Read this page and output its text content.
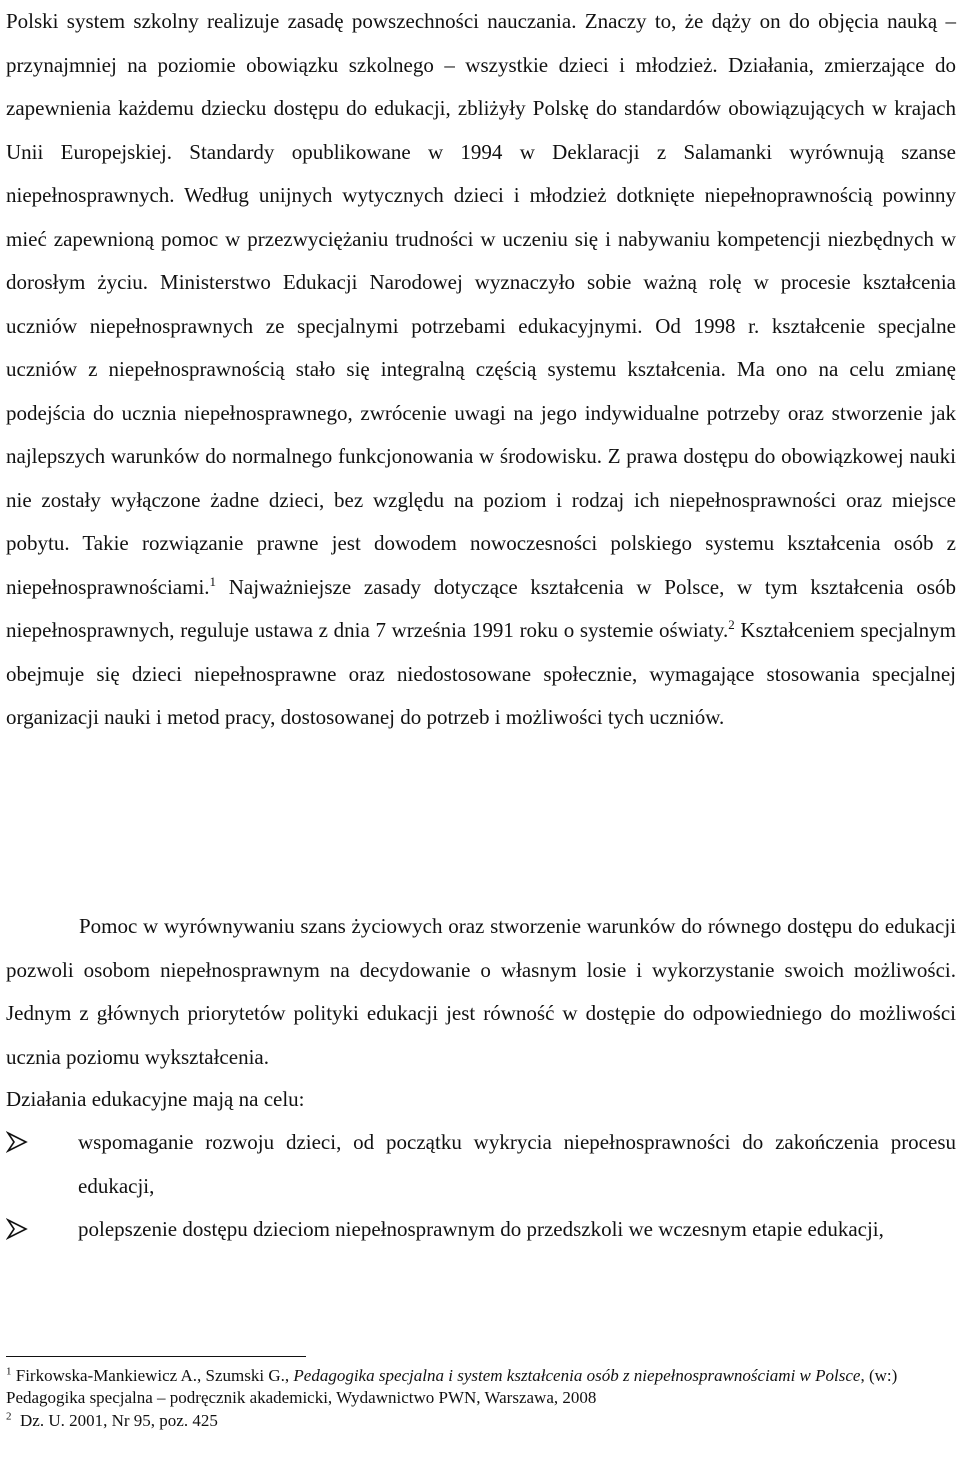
Polski system szkolny realizuje zasadę powszechności nauczania. Znaczy to, że dąży on do objęcia nauką – przynajmniej na poziomie obowiązku szkolnego – wszystkie dzieci i młodzież. Działania, zmierzające do zapewnienia każdemu dziecku dostępu do edukacji, zbliżyły Polskę do standardów obowiązujących w krajach Unii Europejskiej. Standardy opublikowane w 1994 w Deklaracji z Salamanki wyrównują szanse niepełnosprawnych. Według unijnych wytycznych dzieci i młodzież dotknięte niepełnoprawnością powinny mieć zapewnioną pomoc w przezwyciężaniu trudności w uczeniu się i nabywaniu kompetencji niezbędnych w dorosłym życiu. Ministerstwo Edukacji Narodowej wyznaczyło sobie ważną rolę w procesie kształcenia uczniów niepełnosprawnych ze specjalnymi potrzebami edukacyjnymi. Od 1998 r. kształcenie specjalne uczniów z niepełnosprawnością stało się integralną częścią systemu kształcenia. Ma ono na celu zmianę podejścia do ucznia niepełnosprawnego, zwrócenie uwagi na jego indywidualne potrzeby oraz stworzenie jak najlepszych warunków do normalnego funkcjonowania w środowisku. Z prawa dostępu do obowiązkowej nauki nie zostały wyłączone żadne dzieci, bez względu na poziom i rodzaj ich niepełnosprawności oraz miejsce pobytu. Takie rozwiązanie prawne jest dowodem nowoczesności polskiego systemu kształcenia osób z niepełnosprawnościami.$^1$ Najważniejsze zasady dotyczące kształcenia w Polsce, w tym kształcenia osób niepełnosprawnych, reguluje ustawa z dnia 7 września 1991 roku o systemie oświaty.$^2$ Kształceniem specjalnym obejmuje się dzieci niepełnosprawne oraz niedostosowane społecznie, wymagające stosowania specjalnej organizacji nauki i metod pracy, dostosowanej do potrzeb i możliwości tych uczniów.
Pomoc w wyrównywaniu szans życiowych oraz stworzenie warunków do równego dostępu do edukacji pozwoli osobom niepełnosprawnym na decydowanie o własnym losie i wykorzystanie swoich możliwości. Jednym z głównych priorytetów polityki edukacji jest równość w dostępie do odpowiedniego do możliwości ucznia poziomu wykształcenia.
Działania edukacyjne mają na celu:
wspomaganie rozwoju dzieci, od początku wykrycia niepełnosprawności do zakończenia procesu edukacji,
polepszenie dostępu dzieciom niepełnosprawnym do przedszkoli we wczesnym etapie edukacji,

$^1$ Firkowska-Mankiewicz A., Szumski G., Pedagogika specjalna i system kształcenia osób z niepełnosprawnościami w Polsce, (w:) Pedagogika specjalna – podręcznik akademicki, Wydawnictwo PWN, Warszawa, 2008

$^2$ Dz. U. 2001, Nr 95, poz. 425
